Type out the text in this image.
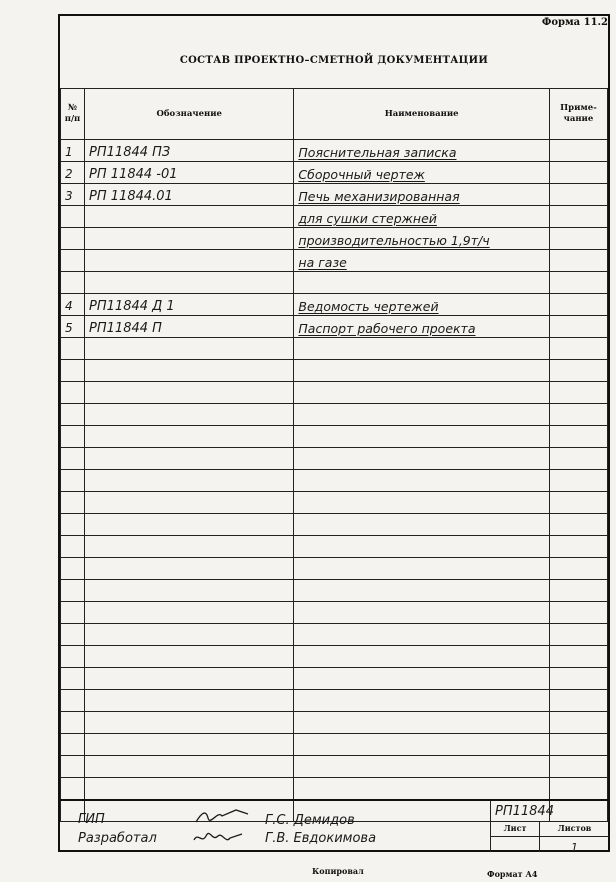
Форма 11.2
СОСТАВ ПРОЕКТНО–СМЕТНОЙ ДОКУМЕНТАЦИИ
№
п/п	Обозначение	Наименование	Приме-
чание
1	РП11844 ПЗ	Пояснительная записка	
2	РП 11844 -01	Сборочный чертеж	
3	РП 11844.01	Печь механизированная	
		для сушки стержней	
		производительностью 1,9т/ч	
		на газе	

4	РП11844 Д 1	Ведомость чертежей	
5	РП11844 П	Паспорт рабочего проекта	

ГИП
Разработал
Г.С. Демидов
Г.В. Евдокимова
РП11844
Лист	Листов
1
Копировал	Формат А4
